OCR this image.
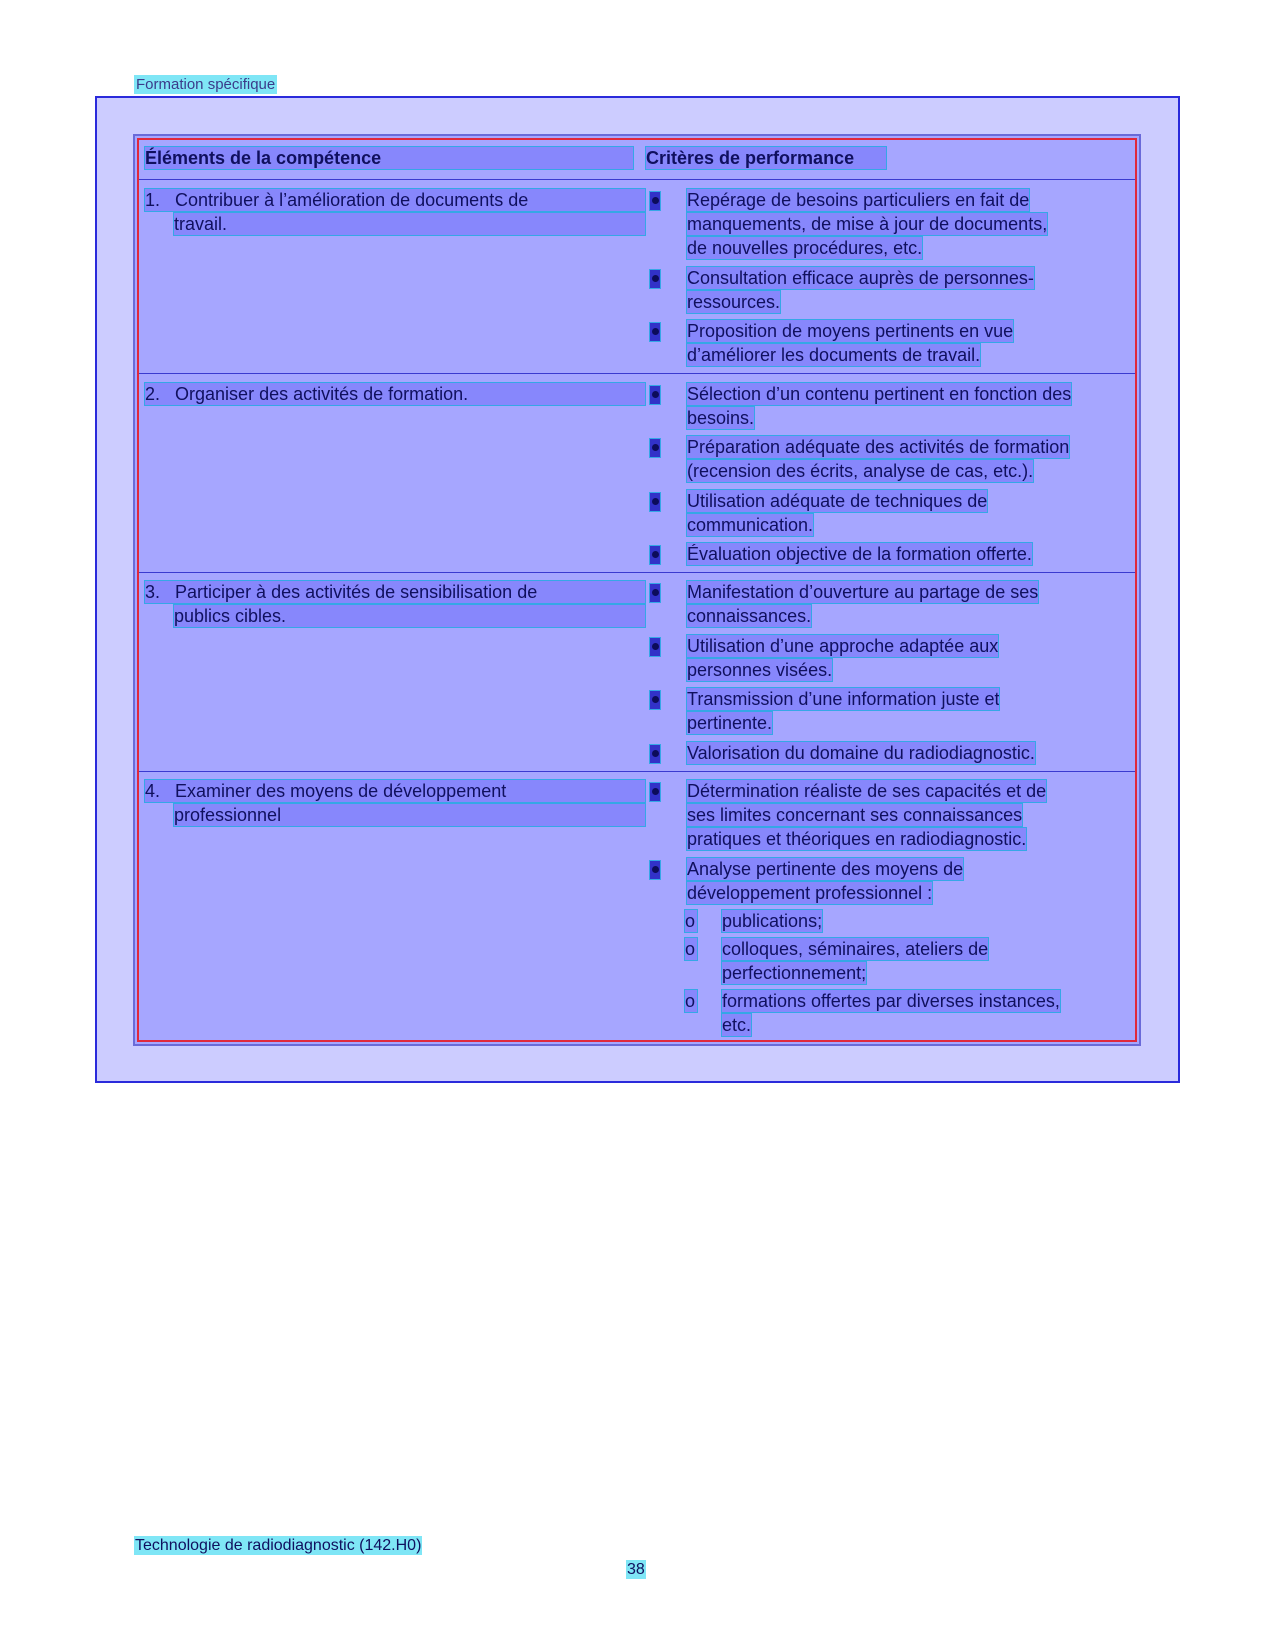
Formation spécifique
Éléments de la compétence	Critères de performance
1. Contribuer à l’amélioration de documents de
travail.
Repérage de besoins particuliers en fait de
manquements, de mise à jour de documents,
de nouvelles procédures, etc.
Consultation efficace auprès de personnes-
ressources.
Proposition de moyens pertinents en vue
d’améliorer les documents de travail.
2. Organiser des activités de formation.	Sélection d’un contenu pertinent en fonction des
besoins.
Préparation adéquate des activités de formation
(recension des écrits, analyse de cas, etc.).
Utilisation adéquate de techniques de
communication.
Évaluation objective de la formation offerte.
3. Participer à des activités de sensibilisation de
publics cibles.
Manifestation d’ouverture au partage de ses
connaissances.
Utilisation d’une approche adaptée aux
personnes visées.
Transmission d’une information juste et
pertinente.
Valorisation du domaine du radiodiagnostic.
4. Examiner des moyens de développement
professionnel
Détermination réaliste de ses capacités et de
ses limites concernant ses connaissances
pratiques et théoriques en radiodiagnostic.
Analyse pertinente des moyens de
développement professionnel :
o publications;
o colloques, séminaires, ateliers de
perfectionnement;
o formations offertes par diverses instances,
etc.
Technologie de radiodiagnostic (142.H0)
38
